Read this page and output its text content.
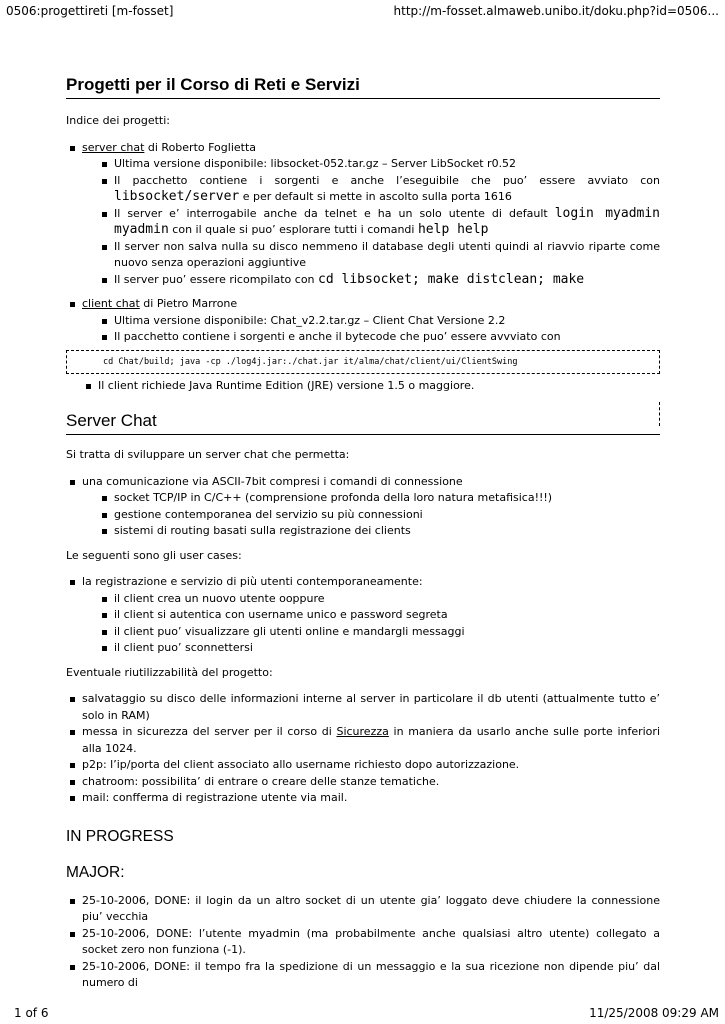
0506:progettireti [m-fosset]	http://m-fosset.almaweb.unibo.it/doku.php?id=0506...
Progetti per il Corso di Reti e Servizi

Indice dei progetti:

server chat di Roberto Foglietta
Ultima versione disponibile: libsocket-052.tar.gz – Server LibSocket r0.52
Il pacchetto contiene i sorgenti e anche l’eseguibile che puo’ essere avviato con libsocket/server e per default si mette in ascolto sulla porta 1616
Il server e’ interrogabile anche da telnet e ha un solo utente di default login myadmin myadmin con il quale si puo’ esplorare tutti i comandi help help
Il server non salva nulla su disco nemmeno il database degli utenti quindi al riavvio riparte come nuovo senza operazioni aggiuntive
Il server puo’ essere ricompilato con cd libsocket; make distclean; make
client chat di Pietro Marrone
Ultima versione disponibile: Chat_v2.2.tar.gz – Client Chat Versione 2.2
Il pacchetto contiene i sorgenti e anche il bytecode che puo’ essere avvviato con
cd Chat/build; java -cp ./log4j.jar:./chat.jar it/alma/chat/client/ui/ClientSwing
Il client richiede Java Runtime Edition (JRE) versione 1.5 o maggiore.
Server Chat

Si tratta di sviluppare un server chat che permetta:

una comunicazione via ASCII-7bit compresi i comandi di connessione
socket TCP/IP in C/C++ (comprensione profonda della loro natura metafisica!!!)
gestione contemporanea del servizio su più connessioni
sistemi di routing basati sulla registrazione dei clients

Le seguenti sono gli user cases:

la registrazione e servizio di più utenti contemporaneamente:
il client crea un nuovo utente ooppure
il client si autentica con username unico e password segreta
il client puo’ visualizzare gli utenti online e mandargli messaggi
il client puo’ sconnettersi

Eventuale riutilizzabilità del progetto:

salvataggio su disco delle informazioni interne al server in particolare il db utenti (attualmente tutto e’ solo in RAM)
messa in sicurezza del server per il corso di Sicurezza in maniera da usarlo anche sulle porte inferiori alla 1024.
p2p: l’ip/porta del client associato allo username richiesto dopo autorizzazione.
chatroom: possibilita’ di entrare o creare delle stanze tematiche.
mail: confferma di registrazione utente via mail.
IN PROGRESS
MAJOR:
25-10-2006, DONE: il login da un altro socket di un utente gia’ loggato deve chiudere la connessione piu’ vecchia
25-10-2006, DONE: l’utente myadmin (ma probabilmente anche qualsiasi altro utente) collegato a socket zero non funziona (-1).
25-10-2006, DONE: il tempo fra la spedizione di un messaggio e la sua ricezione non dipende piu’ dal numero di
1 of 6	11/25/2008 09:29 AM
